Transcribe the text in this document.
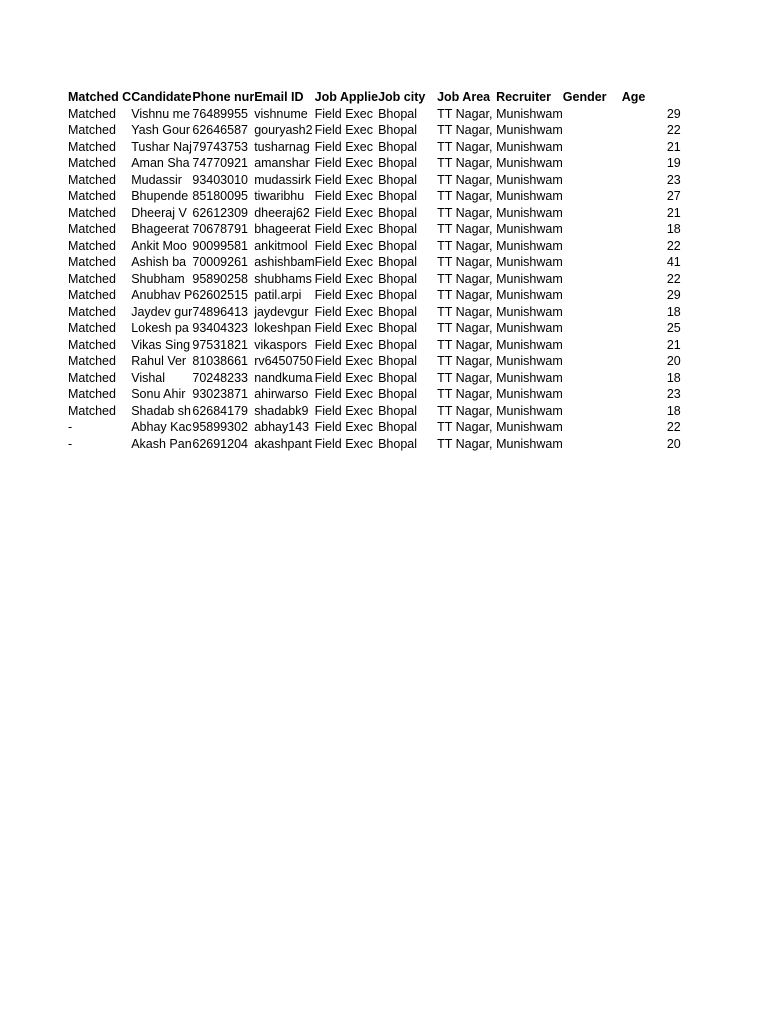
Matched C	Candidate	Phone nur	Email ID	Job Applie	Job city	Job Area	Recruiter	Gender	Age
Matched	Vishnu me	76489955	vishnume	Field Exec	Bhopal	TT Nagar,	Munishwam		29
Matched	Yash Gour	62646587	gouryash2	Field Exec	Bhopal	TT Nagar,	Munishwam		22
Matched	Tushar Naj	79743753	tusharnag	Field Exec	Bhopal	TT Nagar,	Munishwam		21
Matched	Aman Sha	74770921	amanshar	Field Exec	Bhopal	TT Nagar,	Munishwam		19
Matched	Mudassir	93403010	mudassirk	Field Exec	Bhopal	TT Nagar,	Munishwam		23
Matched	Bhupende	85180095	tiwaribhu	Field Exec	Bhopal	TT Nagar,	Munishwam		27
Matched	Dheeraj V	62612309	dheeraj62	Field Exec	Bhopal	TT Nagar,	Munishwam		21
Matched	Bhageerat	70678791	bhageerat	Field Exec	Bhopal	TT Nagar,	Munishwam		18
Matched	Ankit Moo	90099581	ankitmool	Field Exec	Bhopal	TT Nagar,	Munishwam		22
Matched	Ashish ba	70009261	ashishbam	Field Exec	Bhopal	TT Nagar,	Munishwam		41
Matched	Shubham	95890258	shubhams	Field Exec	Bhopal	TT Nagar,	Munishwam		22
Matched	Anubhav P	62602515	patil.arpi	Field Exec	Bhopal	TT Nagar,	Munishwam		29
Matched	Jaydev gur	74896413	jaydevgur	Field Exec	Bhopal	TT Nagar,	Munishwam		18
Matched	Lokesh pa	93404323	lokeshpan	Field Exec	Bhopal	TT Nagar,	Munishwam		25
Matched	Vikas Sing	97531821	vikaspors	Field Exec	Bhopal	TT Nagar,	Munishwam		21
Matched	Rahul Ver	81038661	rv6450750	Field Exec	Bhopal	TT Nagar,	Munishwam		20
Matched	Vishal	70248233	nandkuma	Field Exec	Bhopal	TT Nagar,	Munishwam		18
Matched	Sonu Ahir	93023871	ahirwarso	Field Exec	Bhopal	TT Nagar,	Munishwam		23
Matched	Shadab sh	62684179	shadabk9	Field Exec	Bhopal	TT Nagar,	Munishwam		18
-	Abhay Kac	95899302	abhay143	Field Exec	Bhopal	TT Nagar,	Munishwam		22
-	Akash Pan	62691204	akashpant	Field Exec	Bhopal	TT Nagar,	Munishwam		20
